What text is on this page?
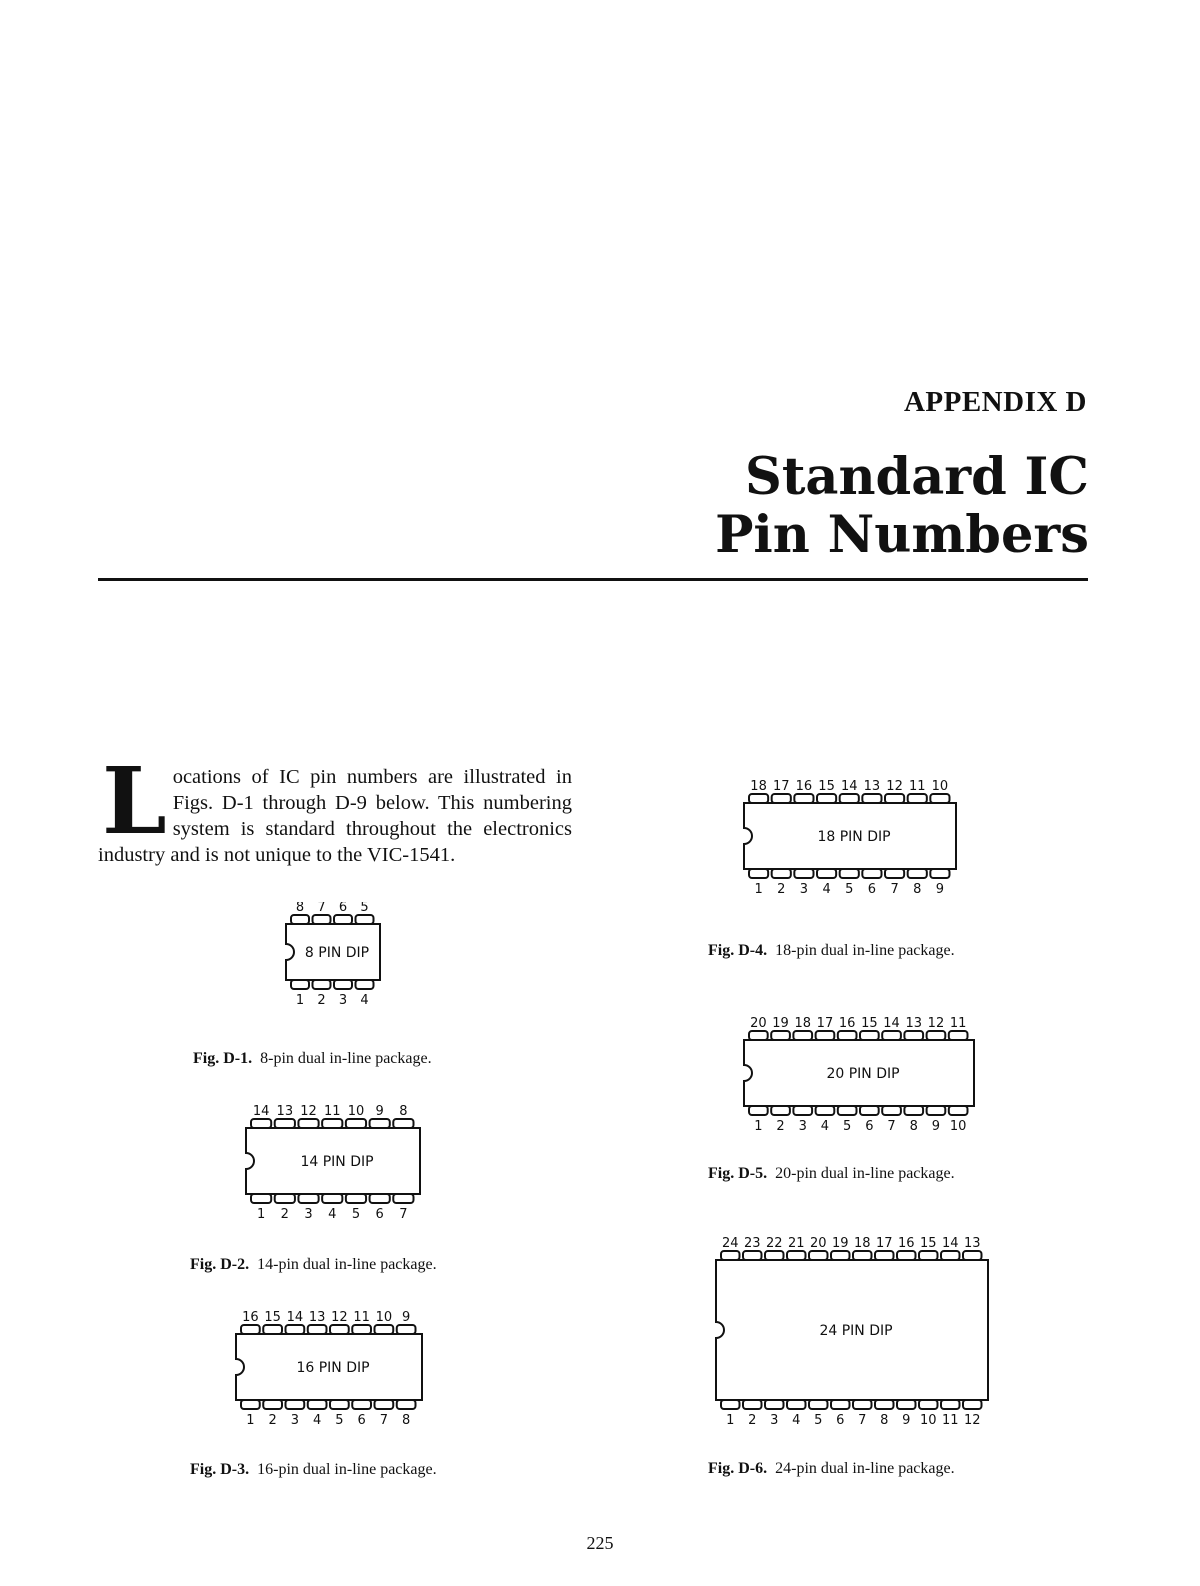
APPENDIX D
Standard IC
Pin Numbers
Locations of IC pin numbers are illustrated in Figs. D-1 through D-9 below. This numbering system is standard throughout the electronics industry and is not unique to the VIC-1541.
8
1
7
2
6
3
5
4
8 PIN DIP
Fig. D-1. 8-pin dual in-line package.
14
1
13
2
12
3
11
4
10
5
9
6
8
7
14 PIN DIP
Fig. D-2. 14-pin dual in-line package.
16
1
15
2
14
3
13
4
12
5
11
6
10
7
9
8
16 PIN DIP
Fig. D-3. 16-pin dual in-line package.
18
1
17
2
16
3
15
4
14
5
13
6
12
7
11
8
10
9
18 PIN DIP
Fig. D-4. 18-pin dual in-line package.
20
1
19
2
18
3
17
4
16
5
15
6
14
7
13
8
12
9
11
10
20 PIN DIP
Fig. D-5. 20-pin dual in-line package.
24
1
23
2
22
3
21
4
20
5
19
6
18
7
17
8
16
9
15
10
14
11
13
12
24 PIN DIP
Fig. D-6. 24-pin dual in-line package.
225
